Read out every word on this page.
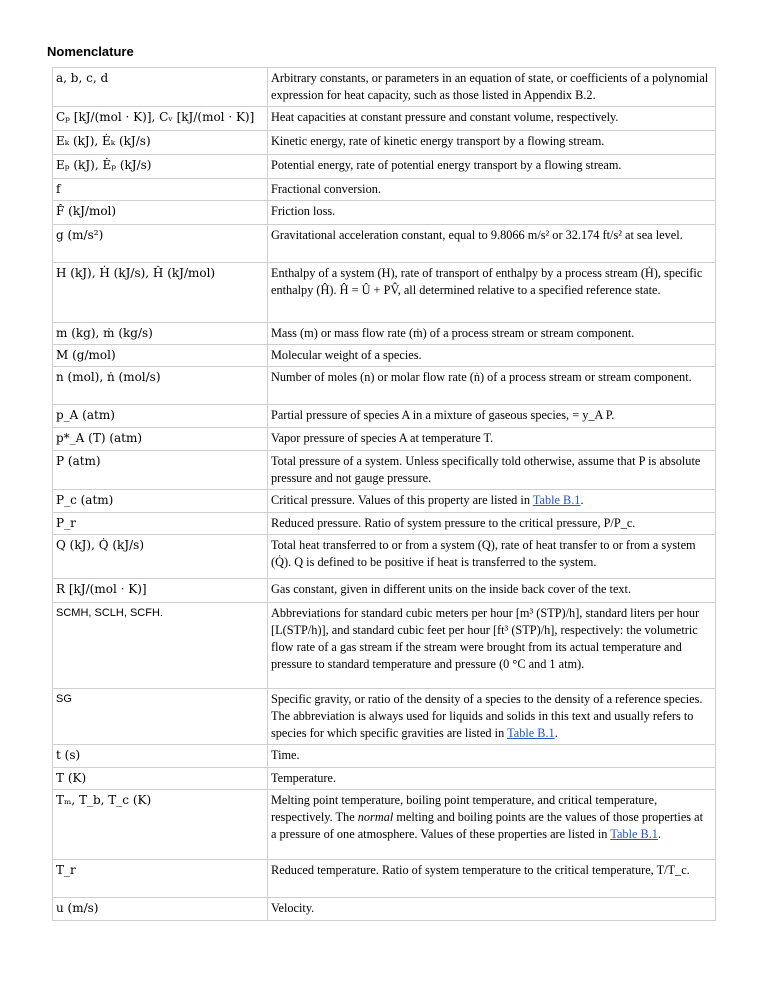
Nomenclature
a, b, c, d	Arbitrary constants, or parameters in an equation of state, or coefficients of a polynomial expression for heat capacity, such as those listed in Appendix B.2.
Cₚ [kJ/(mol · K)], Cᵥ [kJ/(mol · K)]	Heat capacities at constant pressure and constant volume, respectively.
Eₖ (kJ), Ėₖ (kJ/s)	Kinetic energy, rate of kinetic energy transport by a flowing stream.
Eₚ (kJ), Ėₚ (kJ/s)	Potential energy, rate of potential energy transport by a flowing stream.
f	Fractional conversion.
F̂ (kJ/mol)	Friction loss.
g (m/s²)	Gravitational acceleration constant, equal to 9.8066 m/s² or 32.174 ft/s² at sea level.
H (kJ), Ḣ (kJ/s), Ĥ (kJ/mol)	Enthalpy of a system (H), rate of transport of enthalpy by a process stream (Ḣ), specific enthalpy (Ĥ). Ĥ = Û + PV̂, all determined relative to a specified reference state.
m (kg), ṁ (kg/s)	Mass (m) or mass flow rate (ṁ) of a process stream or stream component.
M (g/mol)	Molecular weight of a species.
n (mol), ṅ (mol/s)	Number of moles (n) or molar flow rate (ṅ) of a process stream or stream component.
p_A (atm)	Partial pressure of species A in a mixture of gaseous species, = y_A P.
p*_A (T) (atm)	Vapor pressure of species A at temperature T.
P (atm)	Total pressure of a system. Unless specifically told otherwise, assume that P is absolute pressure and not gauge pressure.
P_c (atm)	Critical pressure. Values of this property are listed in Table B.1.
P_r	Reduced pressure. Ratio of system pressure to the critical pressure, P/P_c.
Q (kJ), Q̇ (kJ/s)	Total heat transferred to or from a system (Q), rate of heat transfer to or from a system (Q̇). Q is defined to be positive if heat is transferred to the system.
R [kJ/(mol · K)]	Gas constant, given in different units on the inside back cover of the text.
SCMH, SCLH, SCFH.	Abbreviations for standard cubic meters per hour [m³ (STP)/h], standard liters per hour [L(STP/h)], and standard cubic feet per hour [ft³ (STP)/h], respectively: the volumetric flow rate of a gas stream if the stream were brought from its actual temperature and pressure to standard temperature and pressure (0 °C and 1 atm).
SG	Specific gravity, or ratio of the density of a species to the density of a reference species. The abbreviation is always used for liquids and solids in this text and usually refers to species for which specific gravities are listed in Table B.1.
t (s)	Time.
T (K)	Temperature.
Tₘ, T_b, T_c (K)	Melting point temperature, boiling point temperature, and critical temperature, respectively. The normal melting and boiling points are the values of those properties at a pressure of one atmosphere. Values of these properties are listed in Table B.1.
T_r	Reduced temperature. Ratio of system temperature to the critical temperature, T/T_c.
u (m/s)	Velocity.
